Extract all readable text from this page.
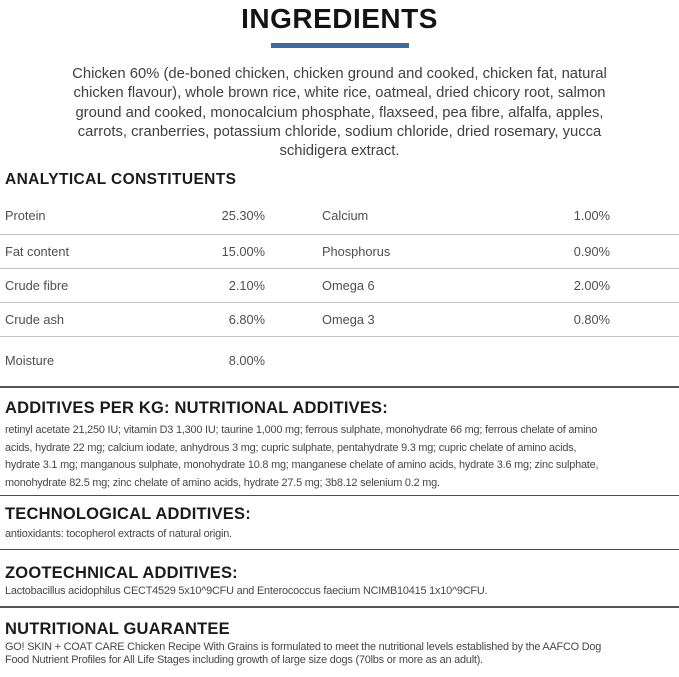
INGREDIENTS
Chicken 60% (de-boned chicken, chicken ground and cooked, chicken fat, natural
chicken flavour), whole brown rice, white rice, oatmeal, dried chicory root, salmon
ground and cooked, monocalcium phosphate, flaxseed, pea fibre, alfalfa, apples,
carrots, cranberries, potassium chloride, sodium chloride, dried rosemary, yucca
schidigera extract.
ANALYTICAL CONSTITUENTS
Protein	25.30%	Calcium	1.00%
Fat content	15.00%	Phosphorus	0.90%
Crude fibre	2.10%	Omega 6	2.00%
Crude ash	6.80%	Omega 3	0.80%
Moisture	8.00%
ADDITIVES PER KG: NUTRITIONAL ADDITIVES:
retinyl acetate 21,250 IU; vitamin D3 1,300 IU; taurine 1,000 mg; ferrous sulphate, monohydrate 66 mg; ferrous chelate of amino
acids, hydrate 22 mg; calcium iodate, anhydrous 3 mg; cupric sulphate, pentahydrate 9.3 mg; cupric chelate of amino acids,
hydrate 3.1 mg; manganous sulphate, monohydrate 10.8 mg; manganese chelate of amino acids, hydrate 3.6 mg; zinc sulphate,
monohydrate 82.5 mg; zinc chelate of amino acids, hydrate 27.5 mg; 3b8.12 selenium 0.2 mg.
TECHNOLOGICAL ADDITIVES:
antioxidants: tocopherol extracts of natural origin.
ZOOTECHNICAL ADDITIVES:
Lactobacillus acidophilus CECT4529 5x10^9CFU and Enterococcus faecium NCIMB10415 1x10^9CFU.
NUTRITIONAL GUARANTEE
GO! SKIN + COAT CARE Chicken Recipe With Grains is formulated to meet the nutritional levels established by the AAFCO Dog
Food Nutrient Profiles for All Life Stages including growth of large size dogs (70lbs or more as an adult).
